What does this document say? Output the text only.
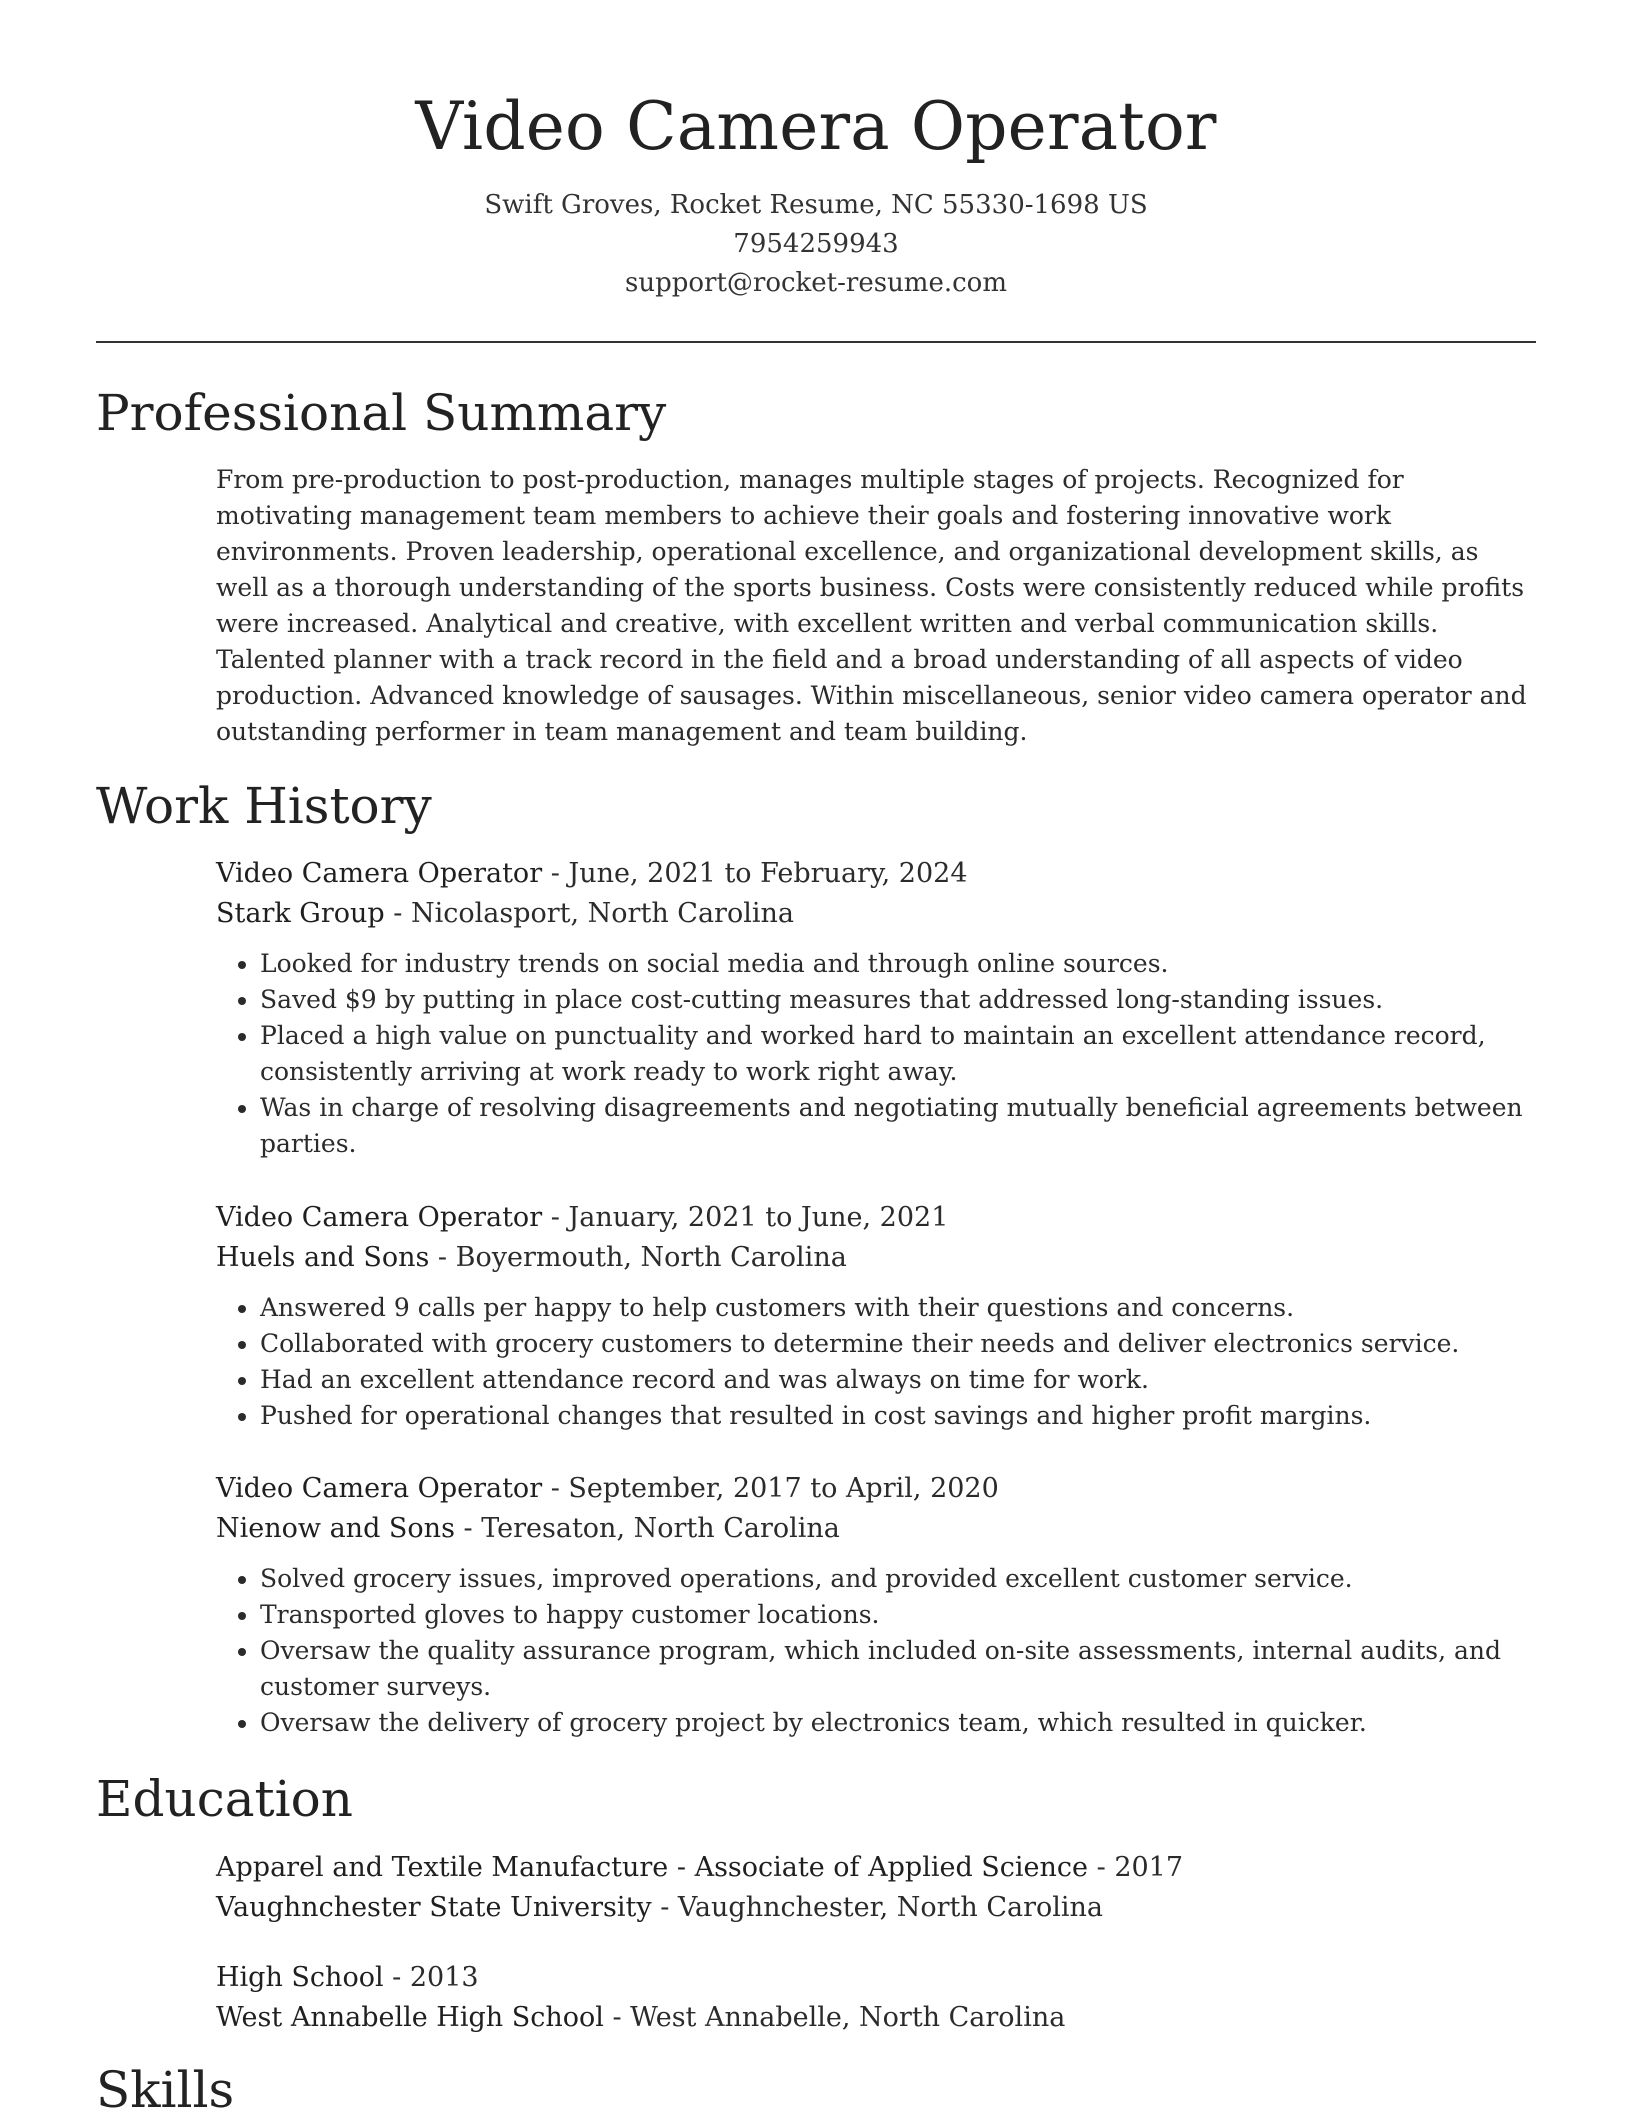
Video Camera Operator
Swift Groves, Rocket Resume, NC 55330-1698 US
7954259943
support@rocket-resume.com
Professional Summary

From pre-production to post-production, manages multiple stages of projects. Recognized for motivating management team members to achieve their goals and fostering innovative work environments. Proven leadership, operational excellence, and organizational development skills, as well as a thorough understanding of the sports business. Costs were consistently reduced while profits were increased. Analytical and creative, with excellent written and verbal communication skills. Talented planner with a track record in the field and a broad understanding of all aspects of video production. Advanced knowledge of sausages. Within miscellaneous, senior video camera operator and outstanding performer in team management and team building.

Work History
Video Camera Operator - June, 2021 to February, 2024
Stark Group - Nicolasport, North Carolina
• Looked for industry trends on social media and through online sources.
• Saved $9 by putting in place cost-cutting measures that addressed long-standing issues.
• Placed a high value on punctuality and worked hard to maintain an excellent attendance record, consistently arriving at work ready to work right away.
• Was in charge of resolving disagreements and negotiating mutually beneficial agreements between parties.
Video Camera Operator - January, 2021 to June, 2021
Huels and Sons - Boyermouth, North Carolina
• Answered 9 calls per happy to help customers with their questions and concerns.
• Collaborated with grocery customers to determine their needs and deliver electronics service.
• Had an excellent attendance record and was always on time for work.
• Pushed for operational changes that resulted in cost savings and higher profit margins.
Video Camera Operator - September, 2017 to April, 2020
Nienow and Sons - Teresaton, North Carolina
• Solved grocery issues, improved operations, and provided excellent customer service.
• Transported gloves to happy customer locations.
• Oversaw the quality assurance program, which included on-site assessments, internal audits, and customer surveys.
• Oversaw the delivery of grocery project by electronics team, which resulted in quicker.
Education
Apparel and Textile Manufacture - Associate of Applied Science - 2017
Vaughnchester State University - Vaughnchester, North Carolina
High School - 2013
West Annabelle High School - West Annabelle, North Carolina
Skills
